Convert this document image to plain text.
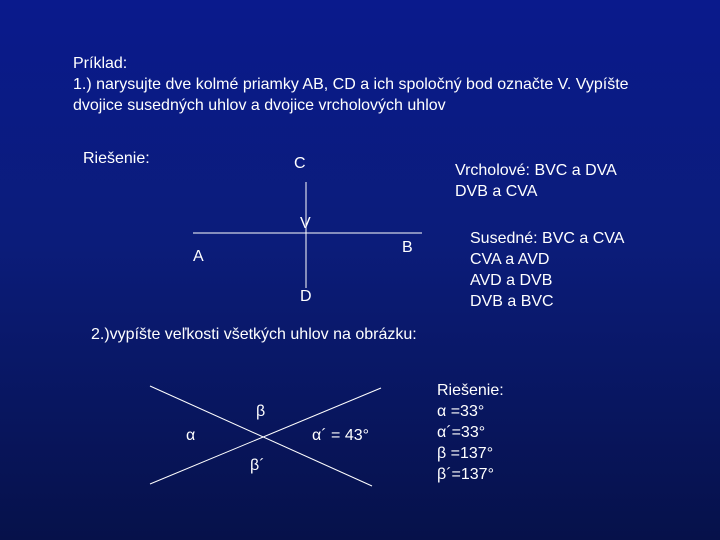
Príklad:
1.) narysujte dve kolmé priamky AB, CD a ich spoločný bod označte V. Vypíšte
dvojice susedných uhlov a dvojice vrcholových uhlov
Riešenie:	C
V
A
B
D
β
α
β´
α´ = 43°
Vrcholové: BVC a DVA
DVB a CVA
Susedné: BVC a CVA
CVA a AVD
AVD a DVB
DVB a BVC
2.)vypíšte veľkosti všetkých uhlov na obrázku:
Riešenie:
α =33°
α´=33°
β =137°
β´=137°
